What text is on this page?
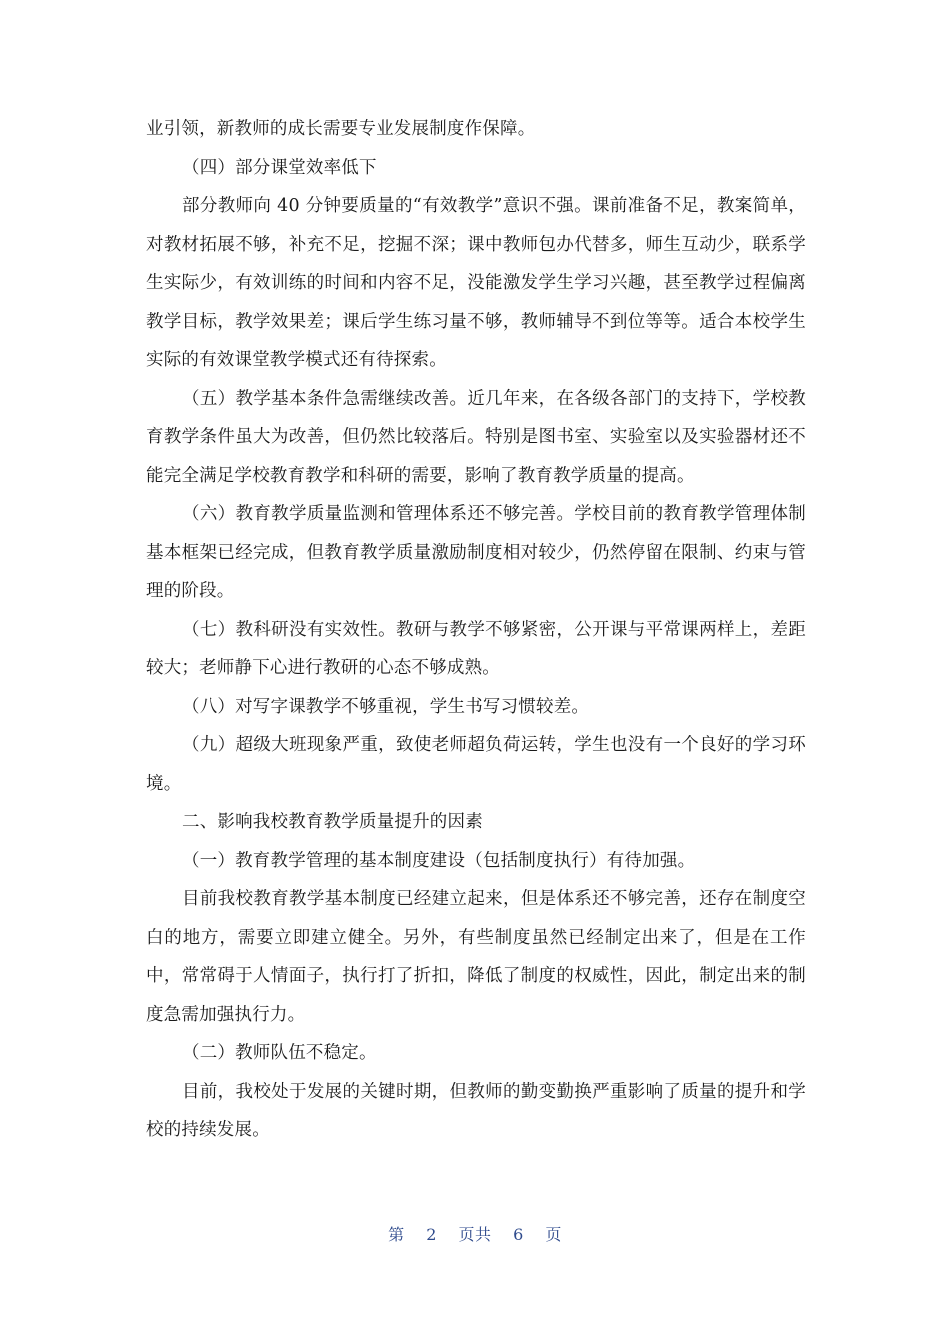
业引领，新教师的成长需要专业发展制度作保障。

（四）部分课堂效率低下

部分教师向 40 分钟要质量的“有效教学”意识不强。课前准备不足，教案简单，对教材拓展不够，补充不足，挖掘不深；课中教师包办代替多，师生互动少，联系学生实际少，有效训练的时间和内容不足，没能激发学生学习兴趣，甚至教学过程偏离教学目标，教学效果差；课后学生练习量不够，教师辅导不到位等等。适合本校学生实际的有效课堂教学模式还有待探索。

（五）教学基本条件急需继续改善。近几年来，在各级各部门的支持下，学校教育教学条件虽大为改善，但仍然比较落后。特别是图书室、实验室以及实验器材还不能完全满足学校教育教学和科研的需要，影响了教育教学质量的提高。

（六）教育教学质量监测和管理体系还不够完善。学校目前的教育教学管理体制基本框架已经完成，但教育教学质量激励制度相对较少，仍然停留在限制、约束与管理的阶段。

（七）教科研没有实效性。教研与教学不够紧密，公开课与平常课两样上，差距较大；老师静下心进行教研的心态不够成熟。

（八）对写字课教学不够重视，学生书写习惯较差。

（九）超级大班现象严重，致使老师超负荷运转，学生也没有一个良好的学习环境。

二、影响我校教育教学质量提升的因素

（一）教育教学管理的基本制度建设（包括制度执行）有待加强。

目前我校教育教学基本制度已经建立起来，但是体系还不够完善，还存在制度空白的地方，需要立即建立健全。另外，有些制度虽然已经制定出来了，但是在工作中，常常碍于人情面子，执行打了折扣，降低了制度的权威性，因此，制定出来的制度急需加强执行力。

（二）教师队伍不稳定。

目前，我校处于发展的关键时期，但教师的勤变勤换严重影响了质量的提升和学校的持续发展。

第 2 页共 6 页
